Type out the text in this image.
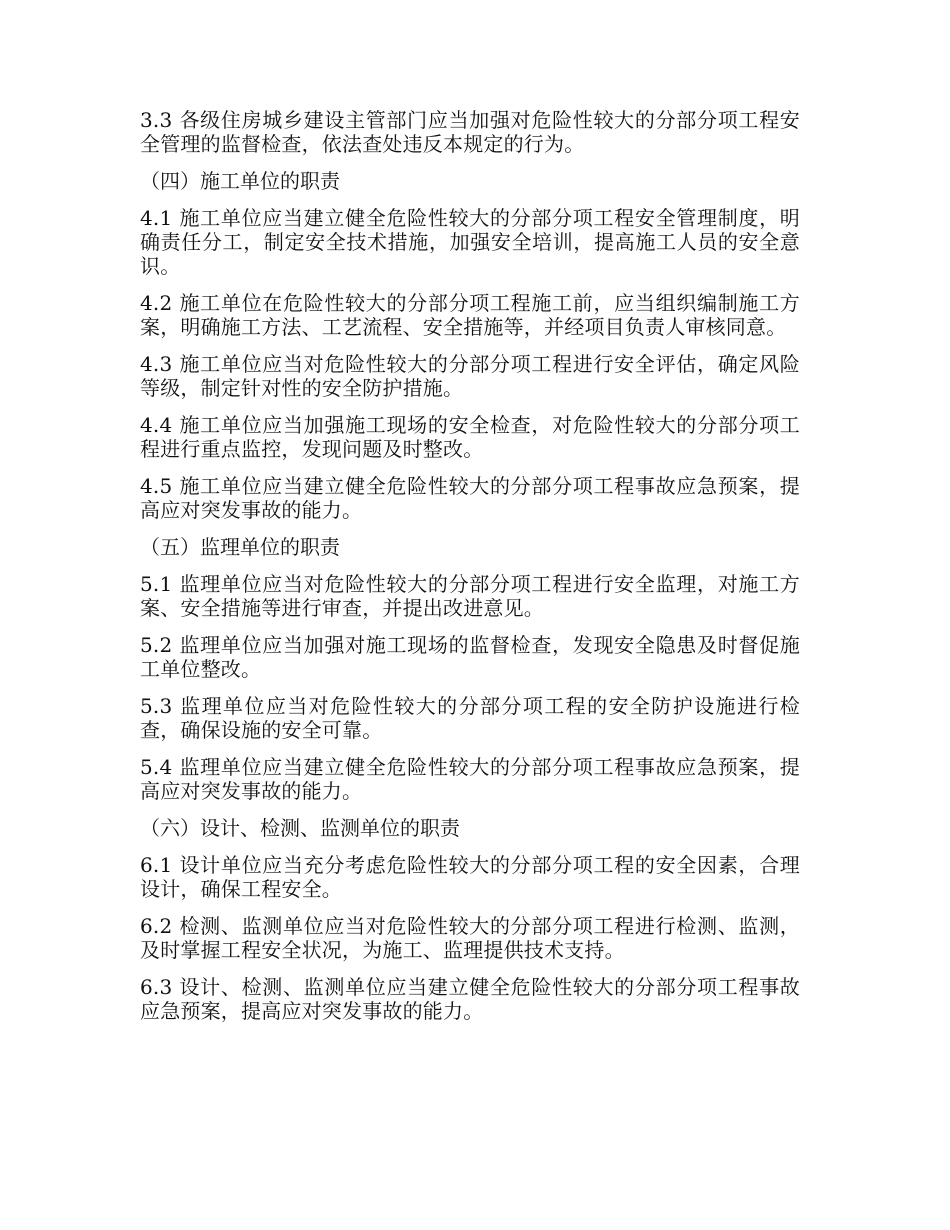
3.3 各级住房城乡建设主管部门应当加强对危险性较大的分部分项工程安全管理的监督检查，依法查处违反本规定的行为。

（四）施工单位的职责

4.1 施工单位应当建立健全危险性较大的分部分项工程安全管理制度，明确责任分工，制定安全技术措施，加强安全培训，提高施工人员的安全意识。

4.2 施工单位在危险性较大的分部分项工程施工前，应当组织编制施工方案，明确施工方法、工艺流程、安全措施等，并经项目负责人审核同意。

4.3 施工单位应当对危险性较大的分部分项工程进行安全评估，确定风险等级，制定针对性的安全防护措施。

4.4 施工单位应当加强施工现场的安全检查，对危险性较大的分部分项工程进行重点监控，发现问题及时整改。

4.5 施工单位应当建立健全危险性较大的分部分项工程事故应急预案，提高应对突发事故的能力。

（五）监理单位的职责

5.1 监理单位应当对危险性较大的分部分项工程进行安全监理，对施工方案、安全措施等进行审查，并提出改进意见。

5.2 监理单位应当加强对施工现场的监督检查，发现安全隐患及时督促施工单位整改。

5.3 监理单位应当对危险性较大的分部分项工程的安全防护设施进行检查，确保设施的安全可靠。

5.4 监理单位应当建立健全危险性较大的分部分项工程事故应急预案，提高应对突发事故的能力。

（六）设计、检测、监测单位的职责

6.1 设计单位应当充分考虑危险性较大的分部分项工程的安全因素，合理设计，确保工程安全。

6.2 检测、监测单位应当对危险性较大的分部分项工程进行检测、监测，及时掌握工程安全状况，为施工、监理提供技术支持。

6.3 设计、检测、监测单位应当建立健全危险性较大的分部分项工程事故应急预案，提高应对突发事故的能力。
